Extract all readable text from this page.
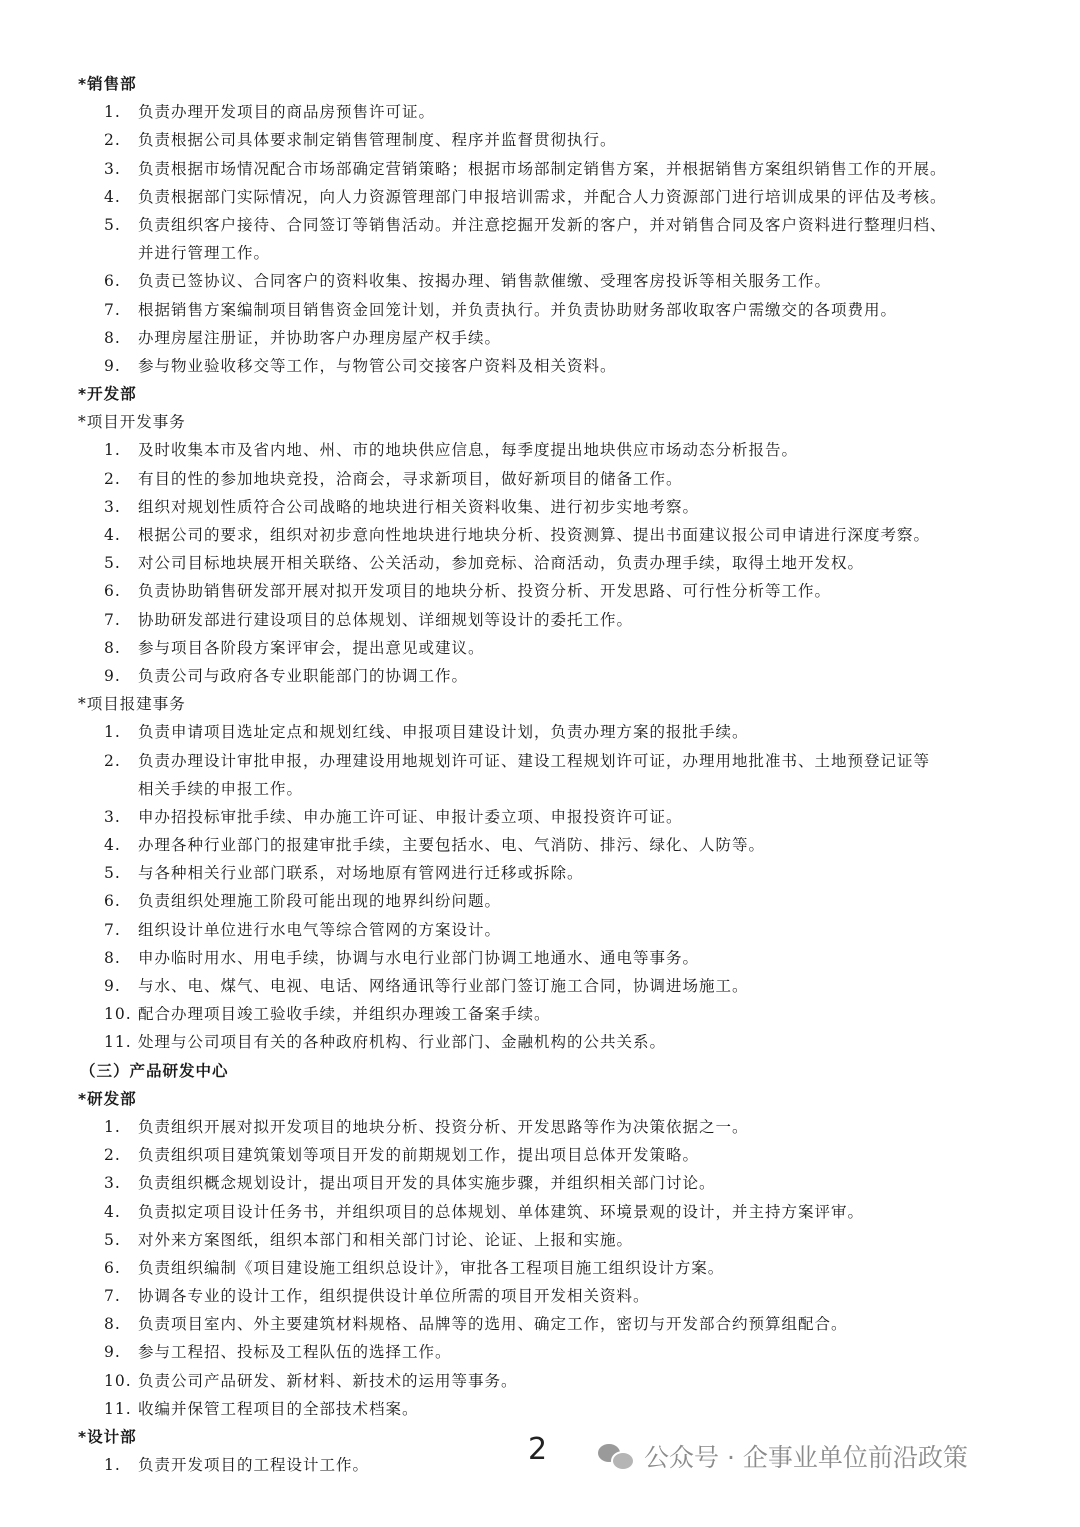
*销售部
1. 负责办理开发项目的商品房预售许可证。
2. 负责根据公司具体要求制定销售管理制度、程序并监督贯彻执行。
3. 负责根据市场情况配合市场部确定营销策略；根据市场部制定销售方案，并根据销售方案组织销售工作的开展。
4. 负责根据部门实际情况，向人力资源管理部门申报培训需求，并配合人力资源部门进行培训成果的评估及考核。
5. 负责组织客户接待、合同签订等销售活动。并注意挖掘开发新的客户，并对销售合同及客户资料进行整理归档、
并进行管理工作。
6. 负责已签协议、合同客户的资料收集、按揭办理、销售款催缴、受理客房投诉等相关服务工作。
7. 根据销售方案编制项目销售资金回笼计划，并负责执行。并负责协助财务部收取客户需缴交的各项费用。
8. 办理房屋注册证，并协助客户办理房屋产权手续。
9. 参与物业验收移交等工作，与物管公司交接客户资料及相关资料。
*开发部
*项目开发事务
1. 及时收集本市及省内地、州、市的地块供应信息，每季度提出地块供应市场动态分析报告。
2. 有目的性的参加地块竞投，洽商会，寻求新项目，做好新项目的储备工作。
3. 组织对规划性质符合公司战略的地块进行相关资料收集、进行初步实地考察。
4. 根据公司的要求，组织对初步意向性地块进行地块分析、投资测算、提出书面建议报公司申请进行深度考察。
5. 对公司目标地块展开相关联络、公关活动，参加竞标、洽商活动，负责办理手续，取得土地开发权。
6. 负责协助销售研发部开展对拟开发项目的地块分析、投资分析、开发思路、可行性分析等工作。
7. 协助研发部进行建设项目的总体规划、详细规划等设计的委托工作。
8. 参与项目各阶段方案评审会，提出意见或建议。
9. 负责公司与政府各专业职能部门的协调工作。
*项目报建事务
1. 负责申请项目选址定点和规划红线、申报项目建设计划，负责办理方案的报批手续。
2. 负责办理设计审批申报，办理建设用地规划许可证、建设工程规划许可证，办理用地批准书、土地预登记证等
相关手续的申报工作。
3. 申办招投标审批手续、申办施工许可证、申报计委立项、申报投资许可证。
4. 办理各种行业部门的报建审批手续，主要包括水、电、气消防、排污、绿化、人防等。
5. 与各种相关行业部门联系，对场地原有管网进行迁移或拆除。
6. 负责组织处理施工阶段可能出现的地界纠纷问题。
7. 组织设计单位进行水电气等综合管网的方案设计。
8. 申办临时用水、用电手续，协调与水电行业部门协调工地通水、通电等事务。
9. 与水、电、煤气、电视、电话、网络通讯等行业部门签订施工合同，协调进场施工。
10. 配合办理项目竣工验收手续，并组织办理竣工备案手续。
11. 处理与公司项目有关的各种政府机构、行业部门、金融机构的公共关系。
（三）产品研发中心
*研发部
1. 负责组织开展对拟开发项目的地块分析、投资分析、开发思路等作为决策依据之一。
2. 负责组织项目建筑策划等项目开发的前期规划工作，提出项目总体开发策略。
3. 负责组织概念规划设计，提出项目开发的具体实施步骤，并组织相关部门讨论。
4. 负责拟定项目设计任务书，并组织项目的总体规划、单体建筑、环境景观的设计，并主持方案评审。
5. 对外来方案图纸，组织本部门和相关部门讨论、论证、上报和实施。
6. 负责组织编制《项目建设施工组织总设计》，审批各工程项目施工组织设计方案。
7. 协调各专业的设计工作，组织提供设计单位所需的项目开发相关资料。
8. 负责项目室内、外主要建筑材料规格、品牌等的选用、确定工作，密切与开发部合约预算组配合。
9. 参与工程招、投标及工程队伍的选择工作。
10. 负责公司产品研发、新材料、新技术的运用等事务。
11. 收编并保管工程项目的全部技术档案。
*设计部
1. 负责开发项目的工程设计工作。	2	公众号 · 企事业单位前沿政策
